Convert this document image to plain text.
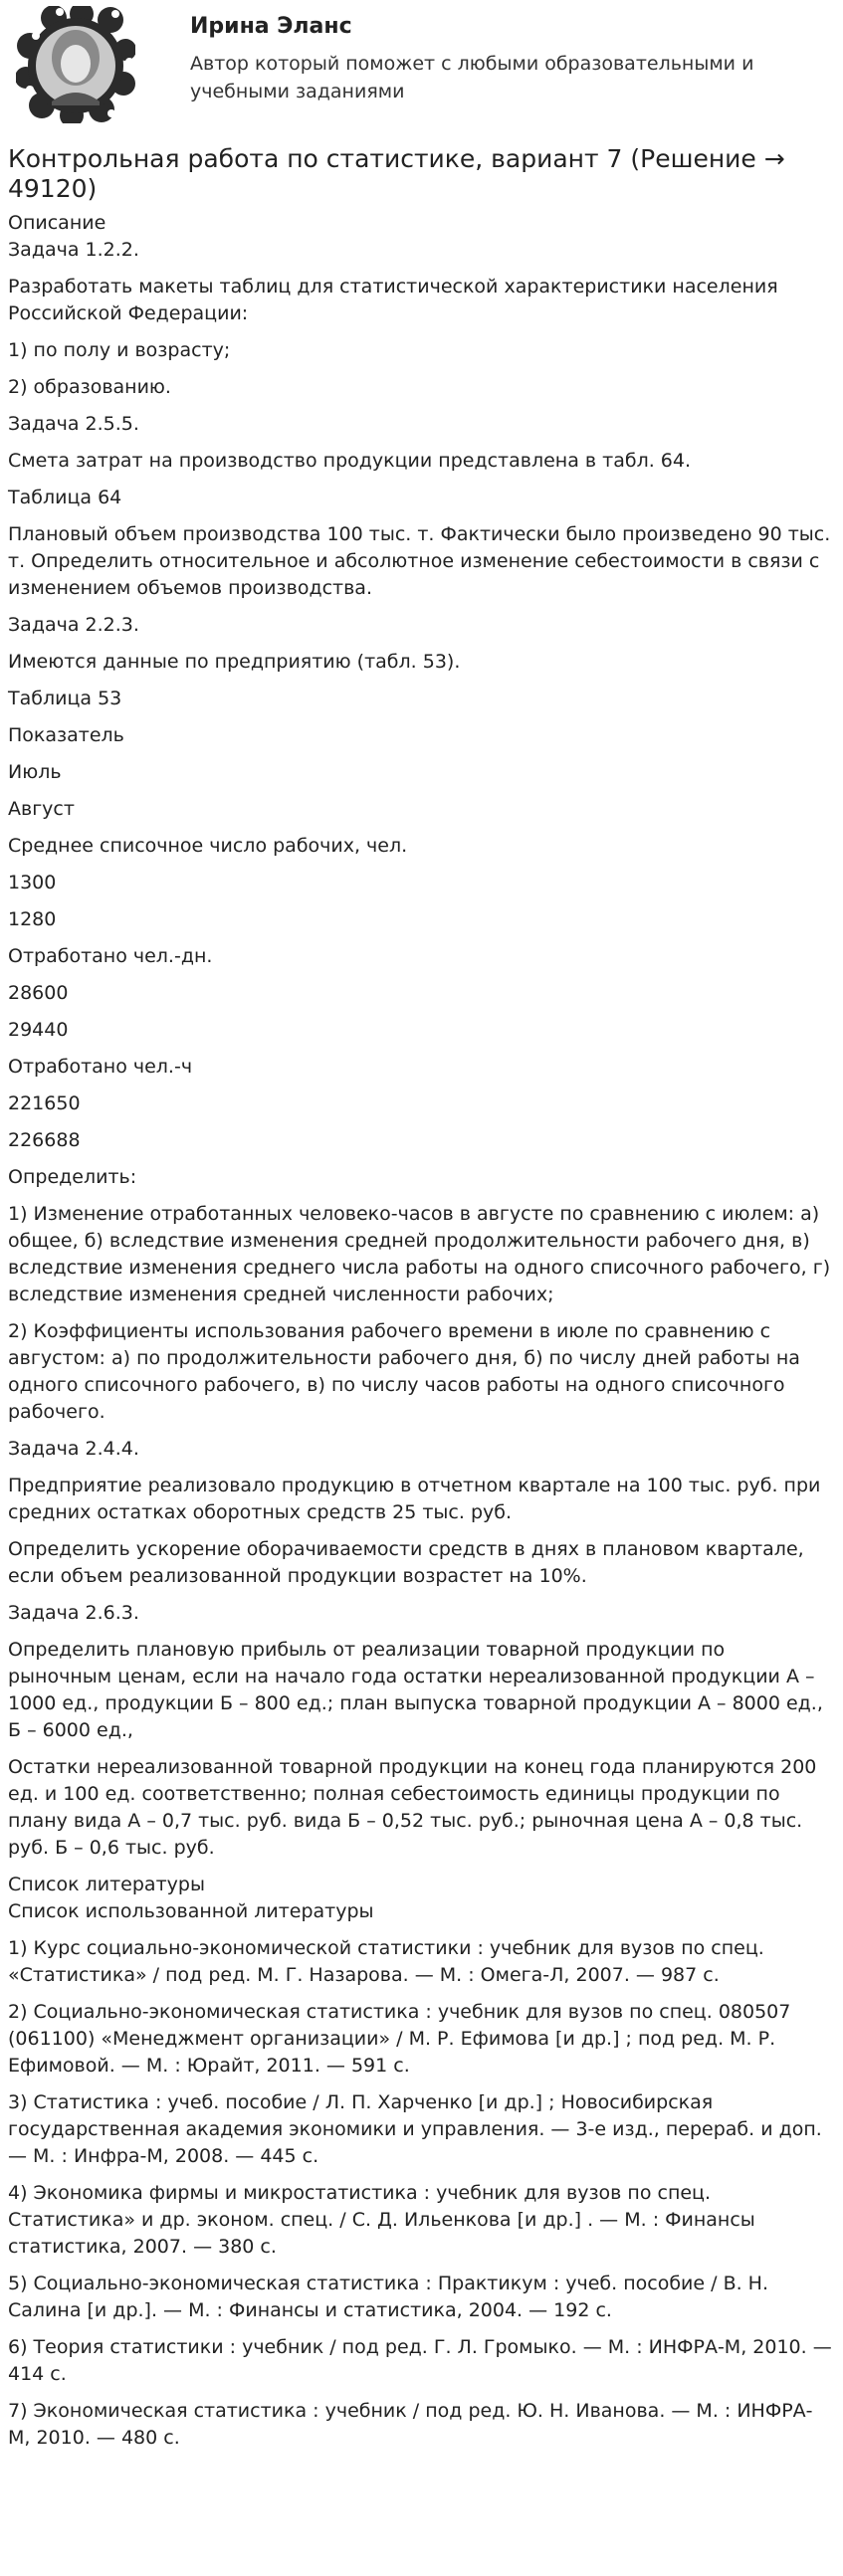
Ирина Эланс
Автор который поможет с любыми образовательными и учебными заданиями
Контрольная работа по статистике, вариант 7 (Решение → 49120)
Описание

Задача 1.2.2.

Разработать макеты таблиц для статистической характеристики населения Российской Федерации:

1) по полу и возрасту;

2) образованию.

Задача 2.5.5.

Смета затрат на производство продукции представлена в табл. 64.

Таблица 64

Плановый объем производства 100 тыс. т. Фактически было произведено 90 тыс. т. Определить относительное и абсолютное изменение себестоимости в связи с изменением объемов производства.

Задача 2.2.3.

Имеются данные по предприятию (табл. 53).

Таблица 53

Показатель

Июль

Август

Среднее списочное число рабочих, чел.

1300

1280

Отработано чел.-дн.

28600

29440

Отработано чел.-ч

221650

226688

Определить:

1) Изменение отработанных человеко-часов в августе по сравнению с июлем: а) общее, б) вследствие изменения средней продолжительности рабочего дня, в) вследствие изменения среднего числа работы на одного списочного рабочего, г) вследствие изменения средней численности рабочих;

2) Коэффициенты использования рабочего времени в июле по сравнению с августом: а) по продолжительности рабочего дня, б) по числу дней работы на одного списочного рабочего, в) по числу часов работы на одного списочного рабочего.

Задача 2.4.4.

Предприятие реализовало продукцию в отчетном квартале на 100 тыс. руб. при средних остатках оборотных средств 25 тыс. руб.

Определить ускорение оборачиваемости средств в днях в плановом квартале, если объем реализованной продукции возрастет на 10%.

Задача 2.6.3.

Определить плановую прибыль от реализации товарной продукции по рыночным ценам, если на начало года остатки нереализованной продукции А – 1000 ед., продукции Б – 800 ед.; план выпуска товарной продукции А – 8000 ед., Б – 6000 ед.,

Остатки нереализованной товарной продукции на конец года планируются 200 ед. и 100 ед. соответственно; полная себестоимость единицы продукции по плану вида А – 0,7 тыс. руб. вида Б – 0,52 тыс. руб.; рыночная цена А – 0,8 тыс. руб. Б – 0,6 тыс. руб.

Список литературы
Список использованной литературы

1) Курс социально-экономической статистики : учебник для вузов по спец. «Статистика» / под ред. М. Г. Назарова. — М. : Омега-Л, 2007. — 987 с.

2) Социально-экономическая статистика : учебник для вузов по спец. 080507 (061100) «Менеджмент организации» / М. Р. Ефимова [и др.] ; под ред. М. Р. Ефимовой. — М. : Юрайт, 2011. — 591 с.

3) Статистика : учеб. пособие / Л. П. Харченко [и др.] ; Новосибирская государственная академия экономики и управления. — 3-е изд., перераб. и доп. — М. : Инфра-М, 2008. — 445 с.

4) Экономика фирмы и микростатистика : учебник для вузов по спец. Статистика» и др. эконом. спец. / С. Д. Ильенкова [и др.] . — М. : Финансы статистика, 2007. — 380 с.

5) Социально-экономическая статистика : Практикум : учеб. пособие / В. Н. Салина [и др.]. — М. : Финансы и статистика, 2004. — 192 с.

6) Теория статистики : учебник / под ред. Г. Л. Громыко. — М. : ИНФРА-М, 2010. — 414 с.

7) Экономическая статистика : учебник / под ред. Ю. Н. Иванова. — М. : ИНФРА-М, 2010. — 480 с.
